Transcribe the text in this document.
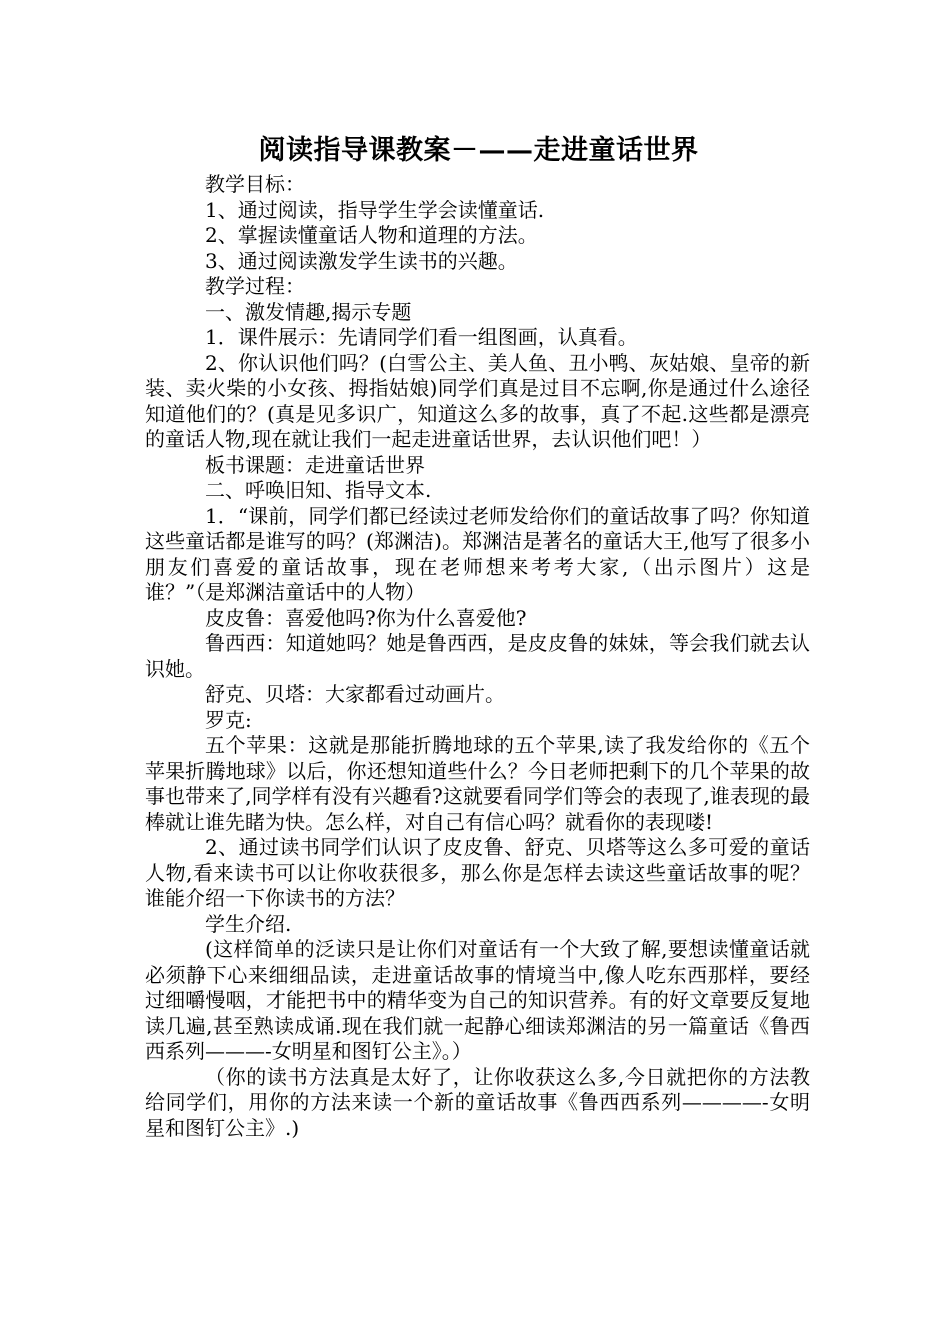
阅读指导课教案－——走进童话世界

教学目标：

1、通过阅读，指导学生学会读懂童话.

2、掌握读懂童话人物和道理的方法。

3、通过阅读激发学生读书的兴趣。

教学过程：

一、激发情趣,揭示专题

1．课件展示：先请同学们看一组图画，认真看。

2、你认识他们吗？(白雪公主、美人鱼、丑小鸭、灰姑娘、皇帝的新装、卖火柴的小女孩、拇指姑娘)同学们真是过目不忘啊,你是通过什么途径知道他们的？(真是见多识广，知道这么多的故事，真了不起.这些都是漂亮的童话人物,现在就让我们一起走进童话世界，去认识他们吧！）

板书课题：走进童话世界

二、呼唤旧知、指导文本.

1．“课前，同学们都已经读过老师发给你们的童话故事了吗？你知道这些童话都是谁写的吗？(郑渊洁)。郑渊洁是著名的童话大王,他写了很多小朋友们喜爱的童话故事，现在老师想来考考大家,（出示图片）这是谁？”（是郑渊洁童话中的人物）

皮皮鲁：喜爱他吗?你为什么喜爱他?

鲁西西：知道她吗？她是鲁西西，是皮皮鲁的妹妹，等会我们就去认识她。

舒克、贝塔：大家都看过动画片。

罗克:

五个苹果：这就是那能折腾地球的五个苹果,读了我发给你的《五个苹果折腾地球》以后，你还想知道些什么？今日老师把剩下的几个苹果的故事也带来了,同学样有没有兴趣看?这就要看同学们等会的表现了,谁表现的最棒就让谁先睹为快。怎么样，对自己有信心吗？就看你的表现喽!

2、通过读书同学们认识了皮皮鲁、舒克、贝塔等这么多可爱的童话人物,看来读书可以让你收获很多，那么你是怎样去读这些童话故事的呢？谁能介绍一下你读书的方法？

学生介绍.

(这样简单的泛读只是让你们对童话有一个大致了解,要想读懂童话就必须静下心来细细品读，走进童话故事的情境当中,像人吃东西那样，要经过细嚼慢咽，才能把书中的精华变为自己的知识营养。有的好文章要反复地读几遍,甚至熟读成诵.现在我们就一起静心细读郑渊洁的另一篇童话《鲁西西系列———-女明星和图钉公主》。）

（你的读书方法真是太好了，让你收获这么多,今日就把你的方法教给同学们，用你的方法来读一个新的童话故事《鲁西西系列————-女明星和图钉公主》.)
